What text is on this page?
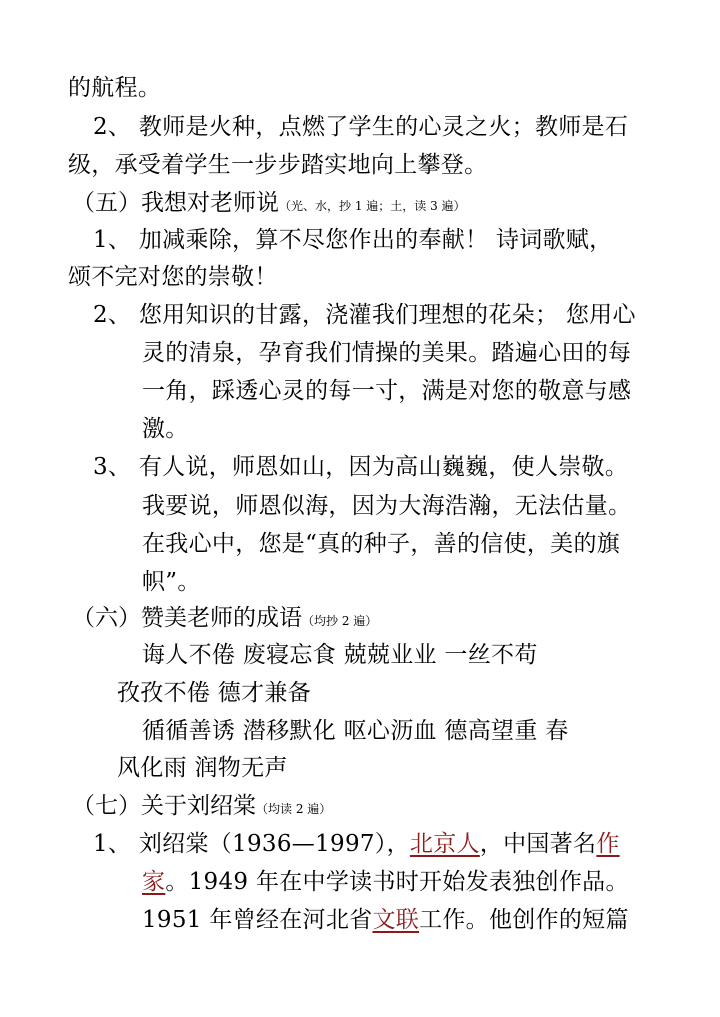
的航程。
2、 教师是火种，点燃了学生的心灵之火；教师是石
级，承受着学生一步步踏实地向上攀登。
（五）我想对老师说（光、水，抄 1 遍；土，读 3 遍）
1、 加减乘除，算不尽您作出的奉献！ 诗词歌赋，
颂不完对您的崇敬！
2、 您用知识的甘露，浇灌我们理想的花朵； 您用心
灵的清泉，孕育我们情操的美果。踏遍心田的每
一角，踩透心灵的每一寸，满是对您的敬意与感
激。
3、 有人说，师恩如山，因为高山巍巍，使人崇敬。
我要说，师恩似海，因为大海浩瀚，无法估量。
在我心中，您是“真的种子，善的信使，美的旗
帜”。
（六）赞美老师的成语（均抄 2 遍）
诲人不倦 废寝忘食 兢兢业业 一丝不苟
孜孜不倦 德才兼备
循循善诱 潜移默化 呕心沥血 德高望重 春
风化雨 润物无声
（七）关于刘绍棠（均读 2 遍）
1、 刘绍棠（1936—1997），北京人，中国著名作
家。1949 年在中学读书时开始发表独创作品。
1951 年曾经在河北省文联工作。他创作的短篇
